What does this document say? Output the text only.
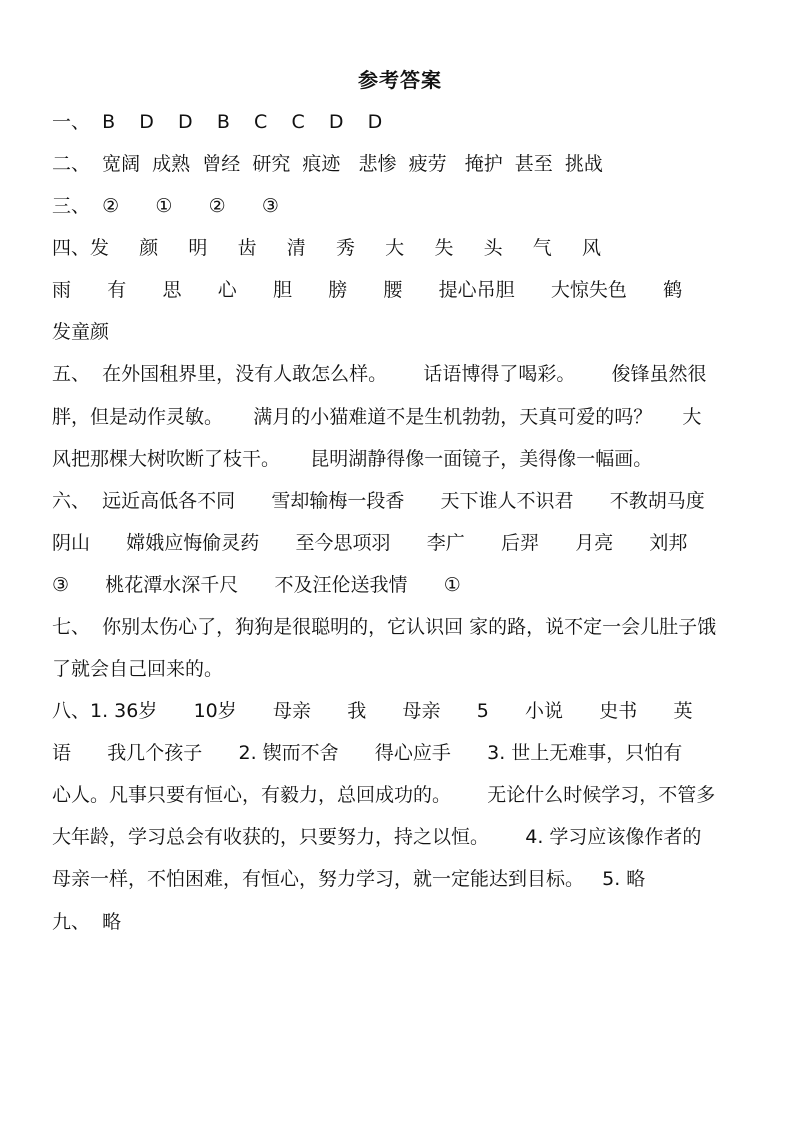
参考答案
一、  B    D    D    B    C    C    D    D
二、  宽阔  成熟  曾经  研究  痕迹   悲惨  疲劳   掩护  甚至  挑战
三、  ②      ①      ②      ③
四、发     颜     明     齿     清     秀     大     失     头     气     风
雨      有      思      心      胆      膀      腰      提心吊胆      大惊失色      鹤
发童颜
五、  在外国租界里，没有人敢怎么样。      话语博得了喝彩。      俊锋虽然很
胖，但是动作灵敏。     满月的小猫难道不是生机勃勃，天真可爱的吗？     大
风把那棵大树吹断了枝干。     昆明湖静得像一面镜子，美得像一幅画。
六、  远近高低各不同      雪却输梅一段香      天下谁人不识君      不教胡马度
阴山      嫦娥应悔偷灵药      至今思项羽      李广      后羿      月亮      刘邦
③      桃花潭水深千尺      不及汪伦送我情      ①
七、  你别太伤心了，狗狗是很聪明的，它认识回 家的路，说不定一会儿肚子饿
了就会自己回来的。
八、1. 36岁      10岁      母亲      我      母亲      5      小说      史书      英
语      我几个孩子      2. 锲而不舍      得心应手      3. 世上无难事，只怕有
心人。凡事只要有恒心，有毅力，总回成功的。      无论什么时候学习，不管多
大年龄，学习总会有收获的，只要努力，持之以恒。      4. 学习应该像作者的
母亲一样，不怕困难，有恒心，努力学习，就一定能达到目标。   5. 略
九、  略
